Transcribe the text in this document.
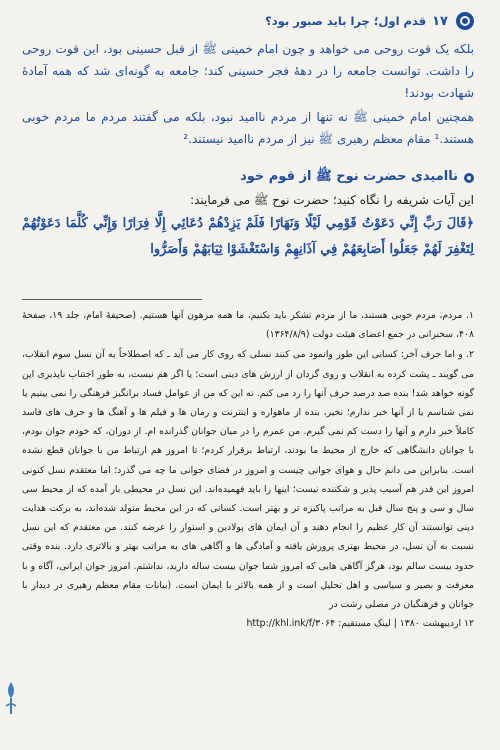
۱۷
قدم اول؛ چرا باید صبور بود؟

بلکه یک قوت روحی می خواهد و چون امام خمینی ﷺ از قبل حسینی بود، این قوت روحی را داشت. توانست جامعه را در دههٔ فجر حسینی کند؛ جامعه به گونه‌ای شد که همه آمادهٔ شهادت بودند!

همچنین امام خمینی ﷺ نه تنها از مردم ناامید نبود، بلکه می گفتند مردم ما مردم خوبی هستند.¹ مقام معظم رهبری ﷺ نیز از مردم ناامید نیستند.²

ناامیدی حضرت نوح ﷺ از قوم خود
این آیات شریفه را نگاه کنید؛ حضرت نوح ﷺ می فرمایند:
﴿قَالَ رَبِّ إِنِّي دَعَوْتُ قَوْمِي لَيْلًا وَنَهَارًا فَلَمْ يَزِدْهُمْ دُعَائِي إِلَّا فِرَارًا وَإِنِّي كُلَّمَا دَعَوْتُهُمْ لِتَغْفِرَ لَهُمْ جَعَلُوا أَصَابِعَهُمْ فِي آذَانِهِمْ وَاسْتَغْشَوْا ثِيَابَهُمْ وَأَصَرُّوا

۱. مردم، مردم خوبی هستند، ما از مردم تشکر باید بکنیم، ما همه مرهون آنها هستیم. (صحیفهٔ امام، جلد ۱۹، صفحهٔ ۴۰۸، سخنرانی در جمع اعضای هیئت دولت (۱۳۶۴/۸/۹)

۲. و اما حرف آخر: کسانی این طور وانمود می کنند نسلی که روی کار می آید ـ که اصطلاحاً به آن نسل سوم انقلاب، می گویند ـ پشت کرده به انقلاب و روی گردان از ارزش های دینی است؛ یا اگر هم نیست، به طور اجتناب ناپذیری این گونه خواهد شد! بنده صد درصد حرف آنها را رد می کنم. نه این که من از عوامل فساد برانگیز فرهنگی را نمی بینیم یا نمی شناسم یا از آنها خبر ندارم؛ نخیر، بنده از ماهواره و اینترنت و رمان ها و فیلم ها و آهنگ ها و حرف های فاسد کاملاً خبر دارم و آنها را دست کم نمی گیرم. من عمرم را در میان جوانان گذرانده ام. از دوران، که خودم جوان بودم، با جوانان دانشگاهی که خارج از محیط ما بودند، ارتباط برقرار کردم؛ تا امروز هم ارتباط من با جوانان قطع نشده است. بنابراین می دانم حال و هوای جوانی چیست و امروز در فضای جوانی ما چه می گذرد؛ اما معتقدم نسل کنونی امروز این قدر هم آسیب پذیر و شکننده نیست؛ اینها را باید فهمیده‌اند. این نسل در محیطی بار آمده که از محیط سی سال و سی و پنج سال قبل به مراتب پاکیزه تر و بهتر است. کسانی که در این محیط متولد شده‌اند، به برکت هدایت دینی توانستند آن کار عظیم را انجام دهند و آن ایمان های پولادین و استوار را عرضه کنند. من معتقدم که این نسل نسبت به آن نسل، در محیط بهتری پرورش یافته و آمادگی ها و آگاهی های به مراتب بهتر و بالاتری دارد. بنده وقتی حدود بیست سالم بود، هرگز آگاهی هایی که امروز شما جوان بیست ساله دارید، نداشتم. امروز جوان ایرانی، آگاه و با معرفت و بصیر و سیاسی و اهل تحلیل است و از همه بالاتر با ایمان است. (بیانات مقام معظم رهبری در دیدار با جوانان و فرهنگیان در مصلی رشت در

۱۲ اردیبهشت ۱۳۸۰ | لینک مستقیم: http://khl.ink/f/۳۰۶۴
